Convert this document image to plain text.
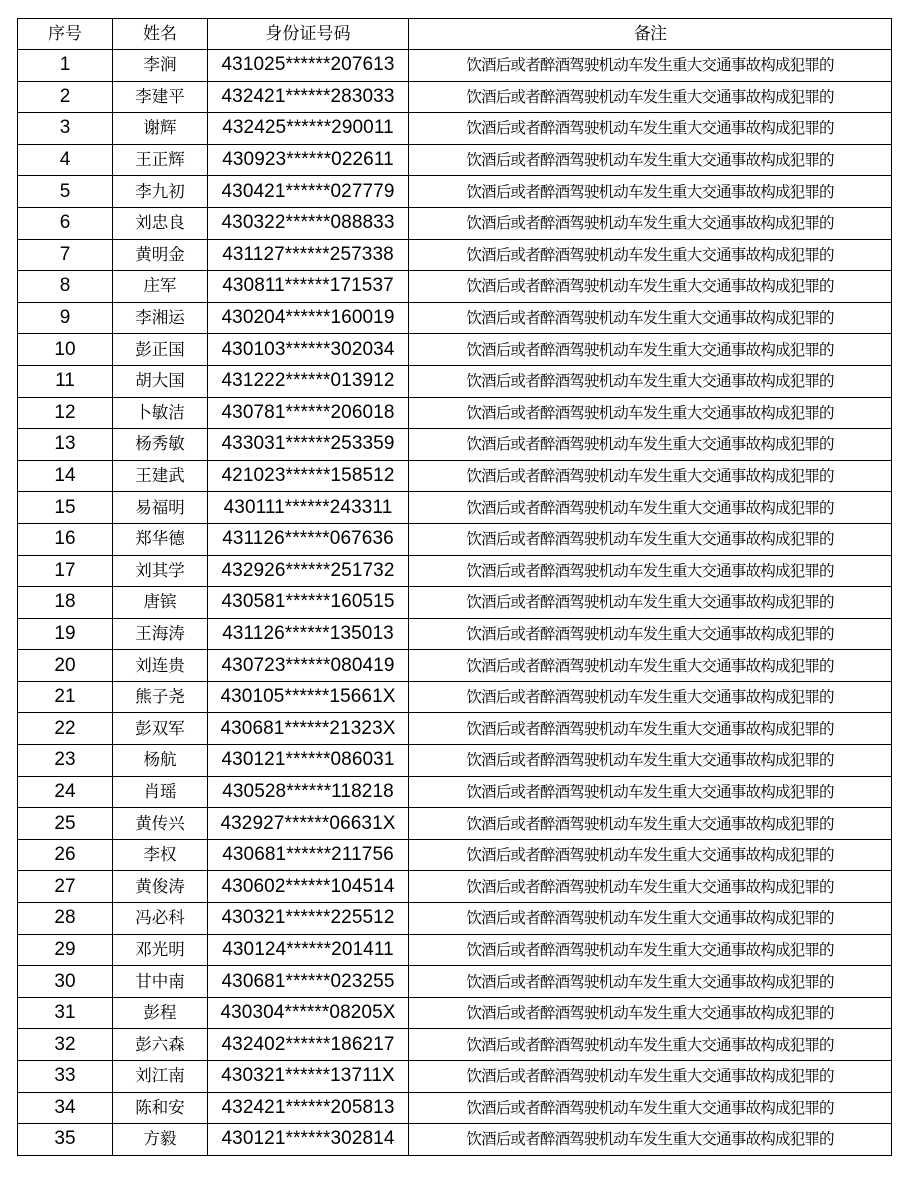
序号	姓名	身份证号码	备注
1	李涧	431025******207613	饮酒后或者醉酒驾驶机动车发生重大交通事故构成犯罪的
2	李建平	432421******283033	饮酒后或者醉酒驾驶机动车发生重大交通事故构成犯罪的
3	谢辉	432425******290011	饮酒后或者醉酒驾驶机动车发生重大交通事故构成犯罪的
4	王正辉	430923******022611	饮酒后或者醉酒驾驶机动车发生重大交通事故构成犯罪的
5	李九初	430421******027779	饮酒后或者醉酒驾驶机动车发生重大交通事故构成犯罪的
6	刘忠良	430322******088833	饮酒后或者醉酒驾驶机动车发生重大交通事故构成犯罪的
7	黄明金	431127******257338	饮酒后或者醉酒驾驶机动车发生重大交通事故构成犯罪的
8	庄军	430811******171537	饮酒后或者醉酒驾驶机动车发生重大交通事故构成犯罪的
9	李湘运	430204******160019	饮酒后或者醉酒驾驶机动车发生重大交通事故构成犯罪的
10	彭正国	430103******302034	饮酒后或者醉酒驾驶机动车发生重大交通事故构成犯罪的
11	胡大国	431222******013912	饮酒后或者醉酒驾驶机动车发生重大交通事故构成犯罪的
12	卜敏洁	430781******206018	饮酒后或者醉酒驾驶机动车发生重大交通事故构成犯罪的
13	杨秀敏	433031******253359	饮酒后或者醉酒驾驶机动车发生重大交通事故构成犯罪的
14	王建武	421023******158512	饮酒后或者醉酒驾驶机动车发生重大交通事故构成犯罪的
15	易福明	430111******243311	饮酒后或者醉酒驾驶机动车发生重大交通事故构成犯罪的
16	郑华德	431126******067636	饮酒后或者醉酒驾驶机动车发生重大交通事故构成犯罪的
17	刘其学	432926******251732	饮酒后或者醉酒驾驶机动车发生重大交通事故构成犯罪的
18	唐镔	430581******160515	饮酒后或者醉酒驾驶机动车发生重大交通事故构成犯罪的
19	王海涛	431126******135013	饮酒后或者醉酒驾驶机动车发生重大交通事故构成犯罪的
20	刘连贵	430723******080419	饮酒后或者醉酒驾驶机动车发生重大交通事故构成犯罪的
21	熊子尧	430105******15661X	饮酒后或者醉酒驾驶机动车发生重大交通事故构成犯罪的
22	彭双军	430681******21323X	饮酒后或者醉酒驾驶机动车发生重大交通事故构成犯罪的
23	杨航	430121******086031	饮酒后或者醉酒驾驶机动车发生重大交通事故构成犯罪的
24	肖瑶	430528******118218	饮酒后或者醉酒驾驶机动车发生重大交通事故构成犯罪的
25	黄传兴	432927******06631X	饮酒后或者醉酒驾驶机动车发生重大交通事故构成犯罪的
26	李权	430681******211756	饮酒后或者醉酒驾驶机动车发生重大交通事故构成犯罪的
27	黄俊涛	430602******104514	饮酒后或者醉酒驾驶机动车发生重大交通事故构成犯罪的
28	冯必科	430321******225512	饮酒后或者醉酒驾驶机动车发生重大交通事故构成犯罪的
29	邓光明	430124******201411	饮酒后或者醉酒驾驶机动车发生重大交通事故构成犯罪的
30	甘中南	430681******023255	饮酒后或者醉酒驾驶机动车发生重大交通事故构成犯罪的
31	彭程	430304******08205X	饮酒后或者醉酒驾驶机动车发生重大交通事故构成犯罪的
32	彭六森	432402******186217	饮酒后或者醉酒驾驶机动车发生重大交通事故构成犯罪的
33	刘江南	430321******13711X	饮酒后或者醉酒驾驶机动车发生重大交通事故构成犯罪的
34	陈和安	432421******205813	饮酒后或者醉酒驾驶机动车发生重大交通事故构成犯罪的
35	方毅	430121******302814	饮酒后或者醉酒驾驶机动车发生重大交通事故构成犯罪的
